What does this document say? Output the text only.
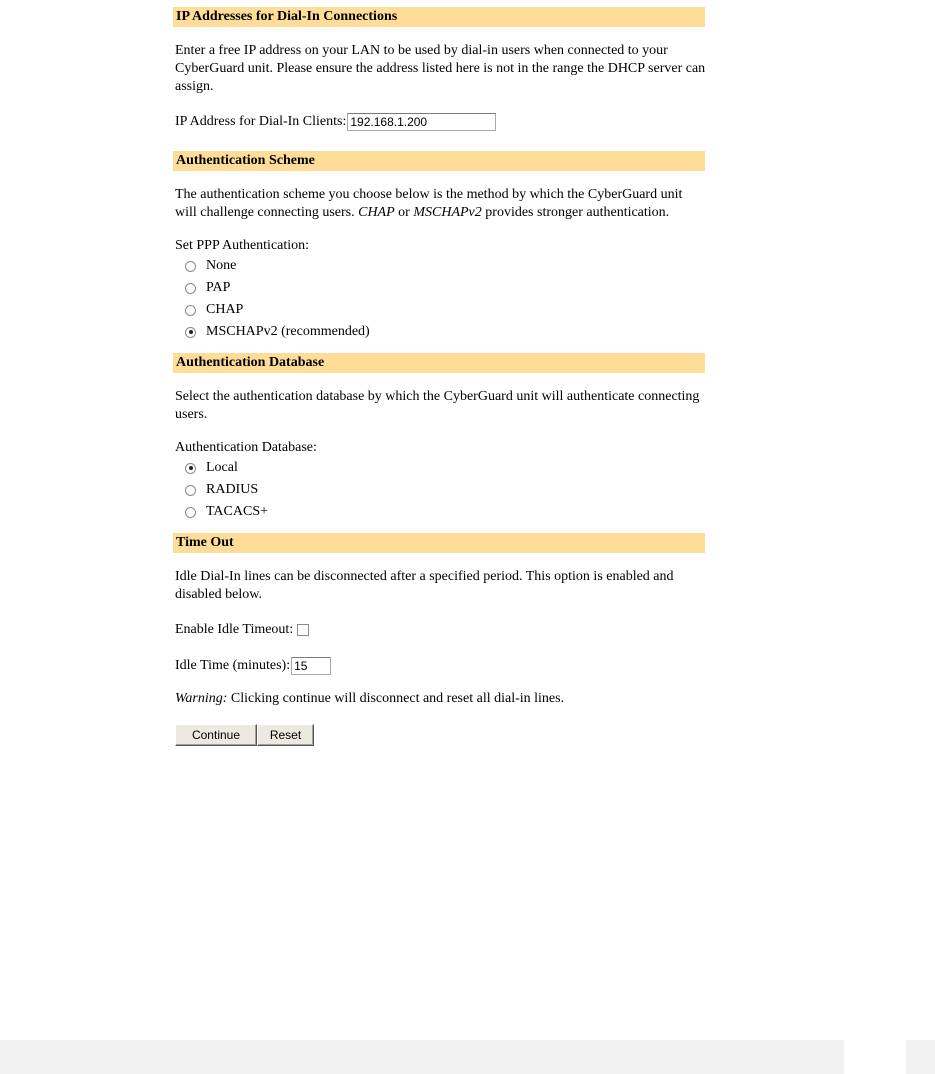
IP Addresses for Dial-In Connections
Enter a free IP address on your LAN to be used by dial-in users when connected to your CyberGuard unit. Please ensure the address listed here is not in the range the DHCP server can assign.
IP Address for Dial-In Clients:
192.168.1.200
Authentication Scheme
The authentication scheme you choose below is the method by which the CyberGuard unit will challenge connecting users. CHAP or MSCHAPv2 provides stronger authentication.
Set PPP Authentication:
None
PAP
CHAP
MSCHAPv2 (recommended)
Authentication Database
Select the authentication database by which the CyberGuard unit will authenticate connecting users.
Authentication Database:
Local
RADIUS
TACACS+
Time Out
Idle Dial-In lines can be disconnected after a specified period. This option is enabled and disabled below.
Enable Idle Timeout:
Idle Time (minutes):
15
Warning: Clicking continue will disconnect and reset all dial-in lines.
Continue	Reset
